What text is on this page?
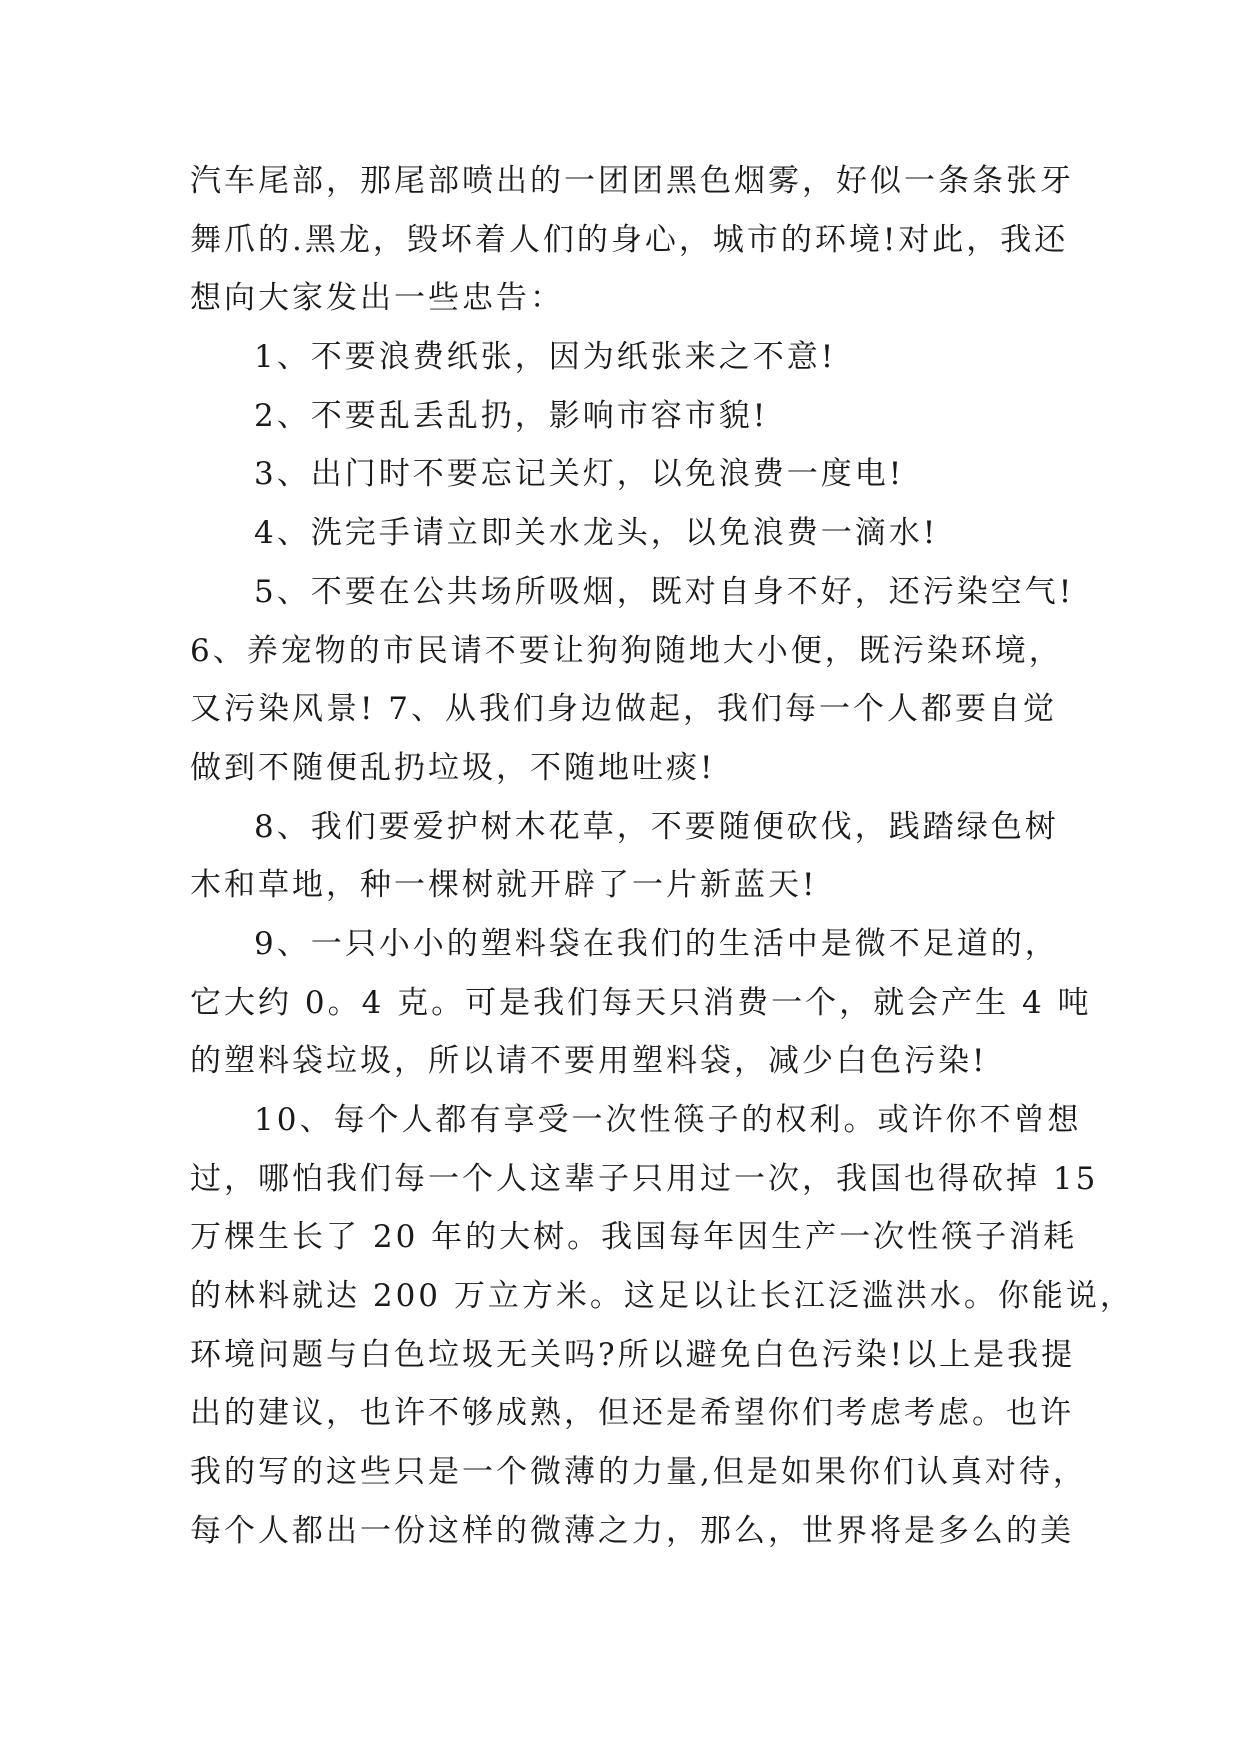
汽车尾部，那尾部喷出的一团团黑色烟雾，好似一条条张牙
舞爪的.黑龙，毁坏着人们的身心，城市的环境!对此，我还
想向大家发出一些忠告：
1、不要浪费纸张，因为纸张来之不意!
2、不要乱丢乱扔，影响市容市貌!
3、出门时不要忘记关灯，以免浪费一度电!
4、洗完手请立即关水龙头，以免浪费一滴水!
5、不要在公共场所吸烟，既对自身不好，还污染空气!
6、养宠物的市民请不要让狗狗随地大小便，既污染环境，
又污染风景! 7、从我们身边做起，我们每一个人都要自觉
做到不随便乱扔垃圾，不随地吐痰!
8、我们要爱护树木花草，不要随便砍伐，践踏绿色树
木和草地，种一棵树就开辟了一片新蓝天!
9、一只小小的塑料袋在我们的生活中是微不足道的，
它大约 0。4 克。可是我们每天只消费一个，就会产生 4 吨
的塑料袋垃圾，所以请不要用塑料袋，减少白色污染!
10、每个人都有享受一次性筷子的权利。或许你不曾想
过，哪怕我们每一个人这辈子只用过一次，我国也得砍掉 15
万棵生长了 20 年的大树。我国每年因生产一次性筷子消耗
的林料就达 200 万立方米。这足以让长江泛滥洪水。你能说，
环境问题与白色垃圾无关吗?所以避免白色污染!以上是我提
出的建议，也许不够成熟，但还是希望你们考虑考虑。也许
我的写的这些只是一个微薄的力量,但是如果你们认真对待，
每个人都出一份这样的微薄之力，那么，世界将是多么的美
